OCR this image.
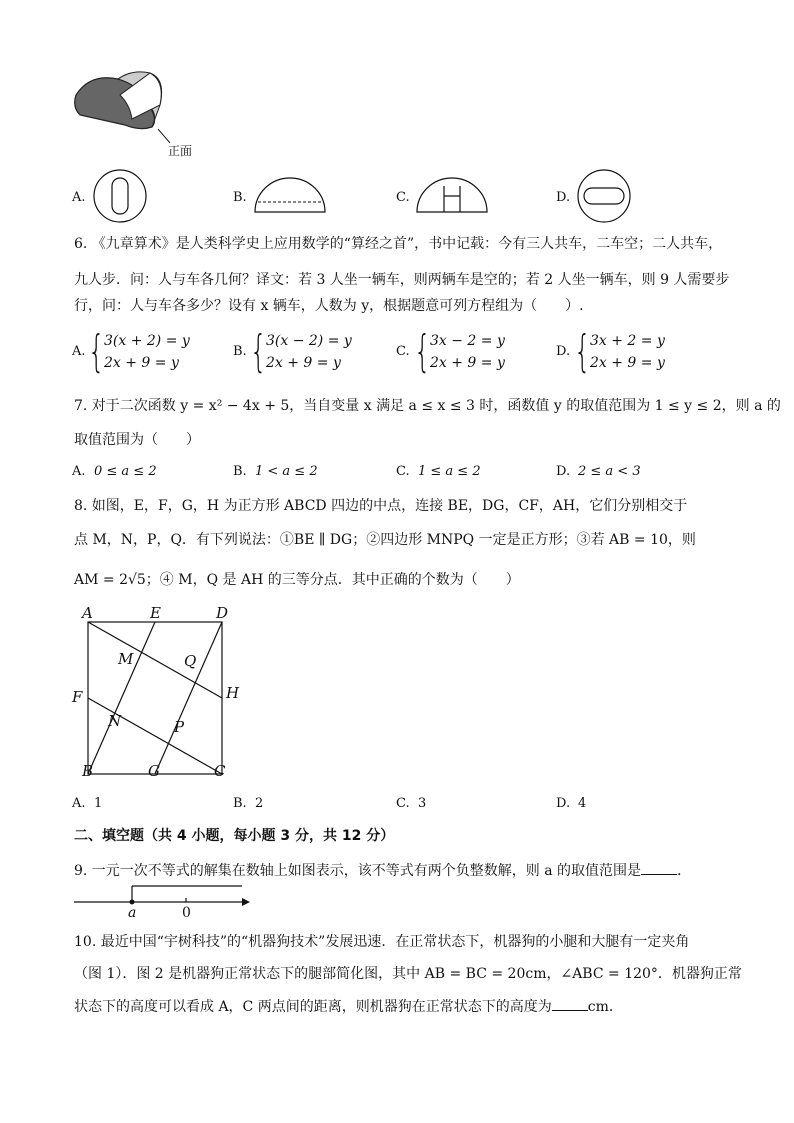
正面
A.	B.	C.	D.
6. 《九章算术》是人类科学史上应用数学的“算经之首”，书中记载：今有三人共车，二车空；二人共车，
九人步．问：人与车各几何？译文：若 3 人坐一辆车，则两辆车是空的；若 2 人坐一辆车，则 9 人需要步
行，问：人与车各多少？设有 x 辆车，人数为 y，根据题意可列方程组为（　　）.
A. { 3(x + 2) = y
2x + 9 = y
B. { 3(x − 2) = y
2x + 9 = y
C. { 3x − 2 = y
2x + 9 = y
D. { 3x + 2 = y
2x + 9 = y
7. 对于二次函数 y = x² − 4x + 5，当自变量 x 满足 a ≤ x ≤ 3 时，函数值 y 的取值范围为 1 ≤ y ≤ 2，则 a 的
取值范围为（　　）
A. 0 ≤ a ≤ 2	B. 1 < a ≤ 2	C. 1 ≤ a ≤ 2	D. 2 ≤ a < 3
8. 如图，E，F，G，H 为正方形 ABCD 四边的中点，连接 BE，DG，CF，AH，它们分别相交于
点 M，N，P，Q．有下列说法：①BE ∥ DG；②四边形 MNPQ 一定是正方形；③若 AB = 10，则
AM = 2√5；④ M，Q 是 AH 的三等分点．其中正确的个数为（　　）
A	E	D
M	Q
F	H
N	P
B	G	C
A. 1	B. 2	C. 3	D. 4
二、填空题（共 4 小题，每小题 3 分，共 12 分）
9. 一元一次不等式的解集在数轴上如图表示，该不等式有两个负整数解，则 a 的取值范围是	．
a	0
10. 最近中国“宇树科技”的“机器狗技术”发展迅速．在正常状态下，机器狗的小腿和大腿有一定夹角
（图 1）．图 2 是机器狗正常状态下的腿部简化图，其中 AB = BC = 20cm，∠ABC = 120°．机器狗正常
状态下的高度可以看成 A，C 两点间的距离，则机器狗在正常状态下的高度为	cm．
